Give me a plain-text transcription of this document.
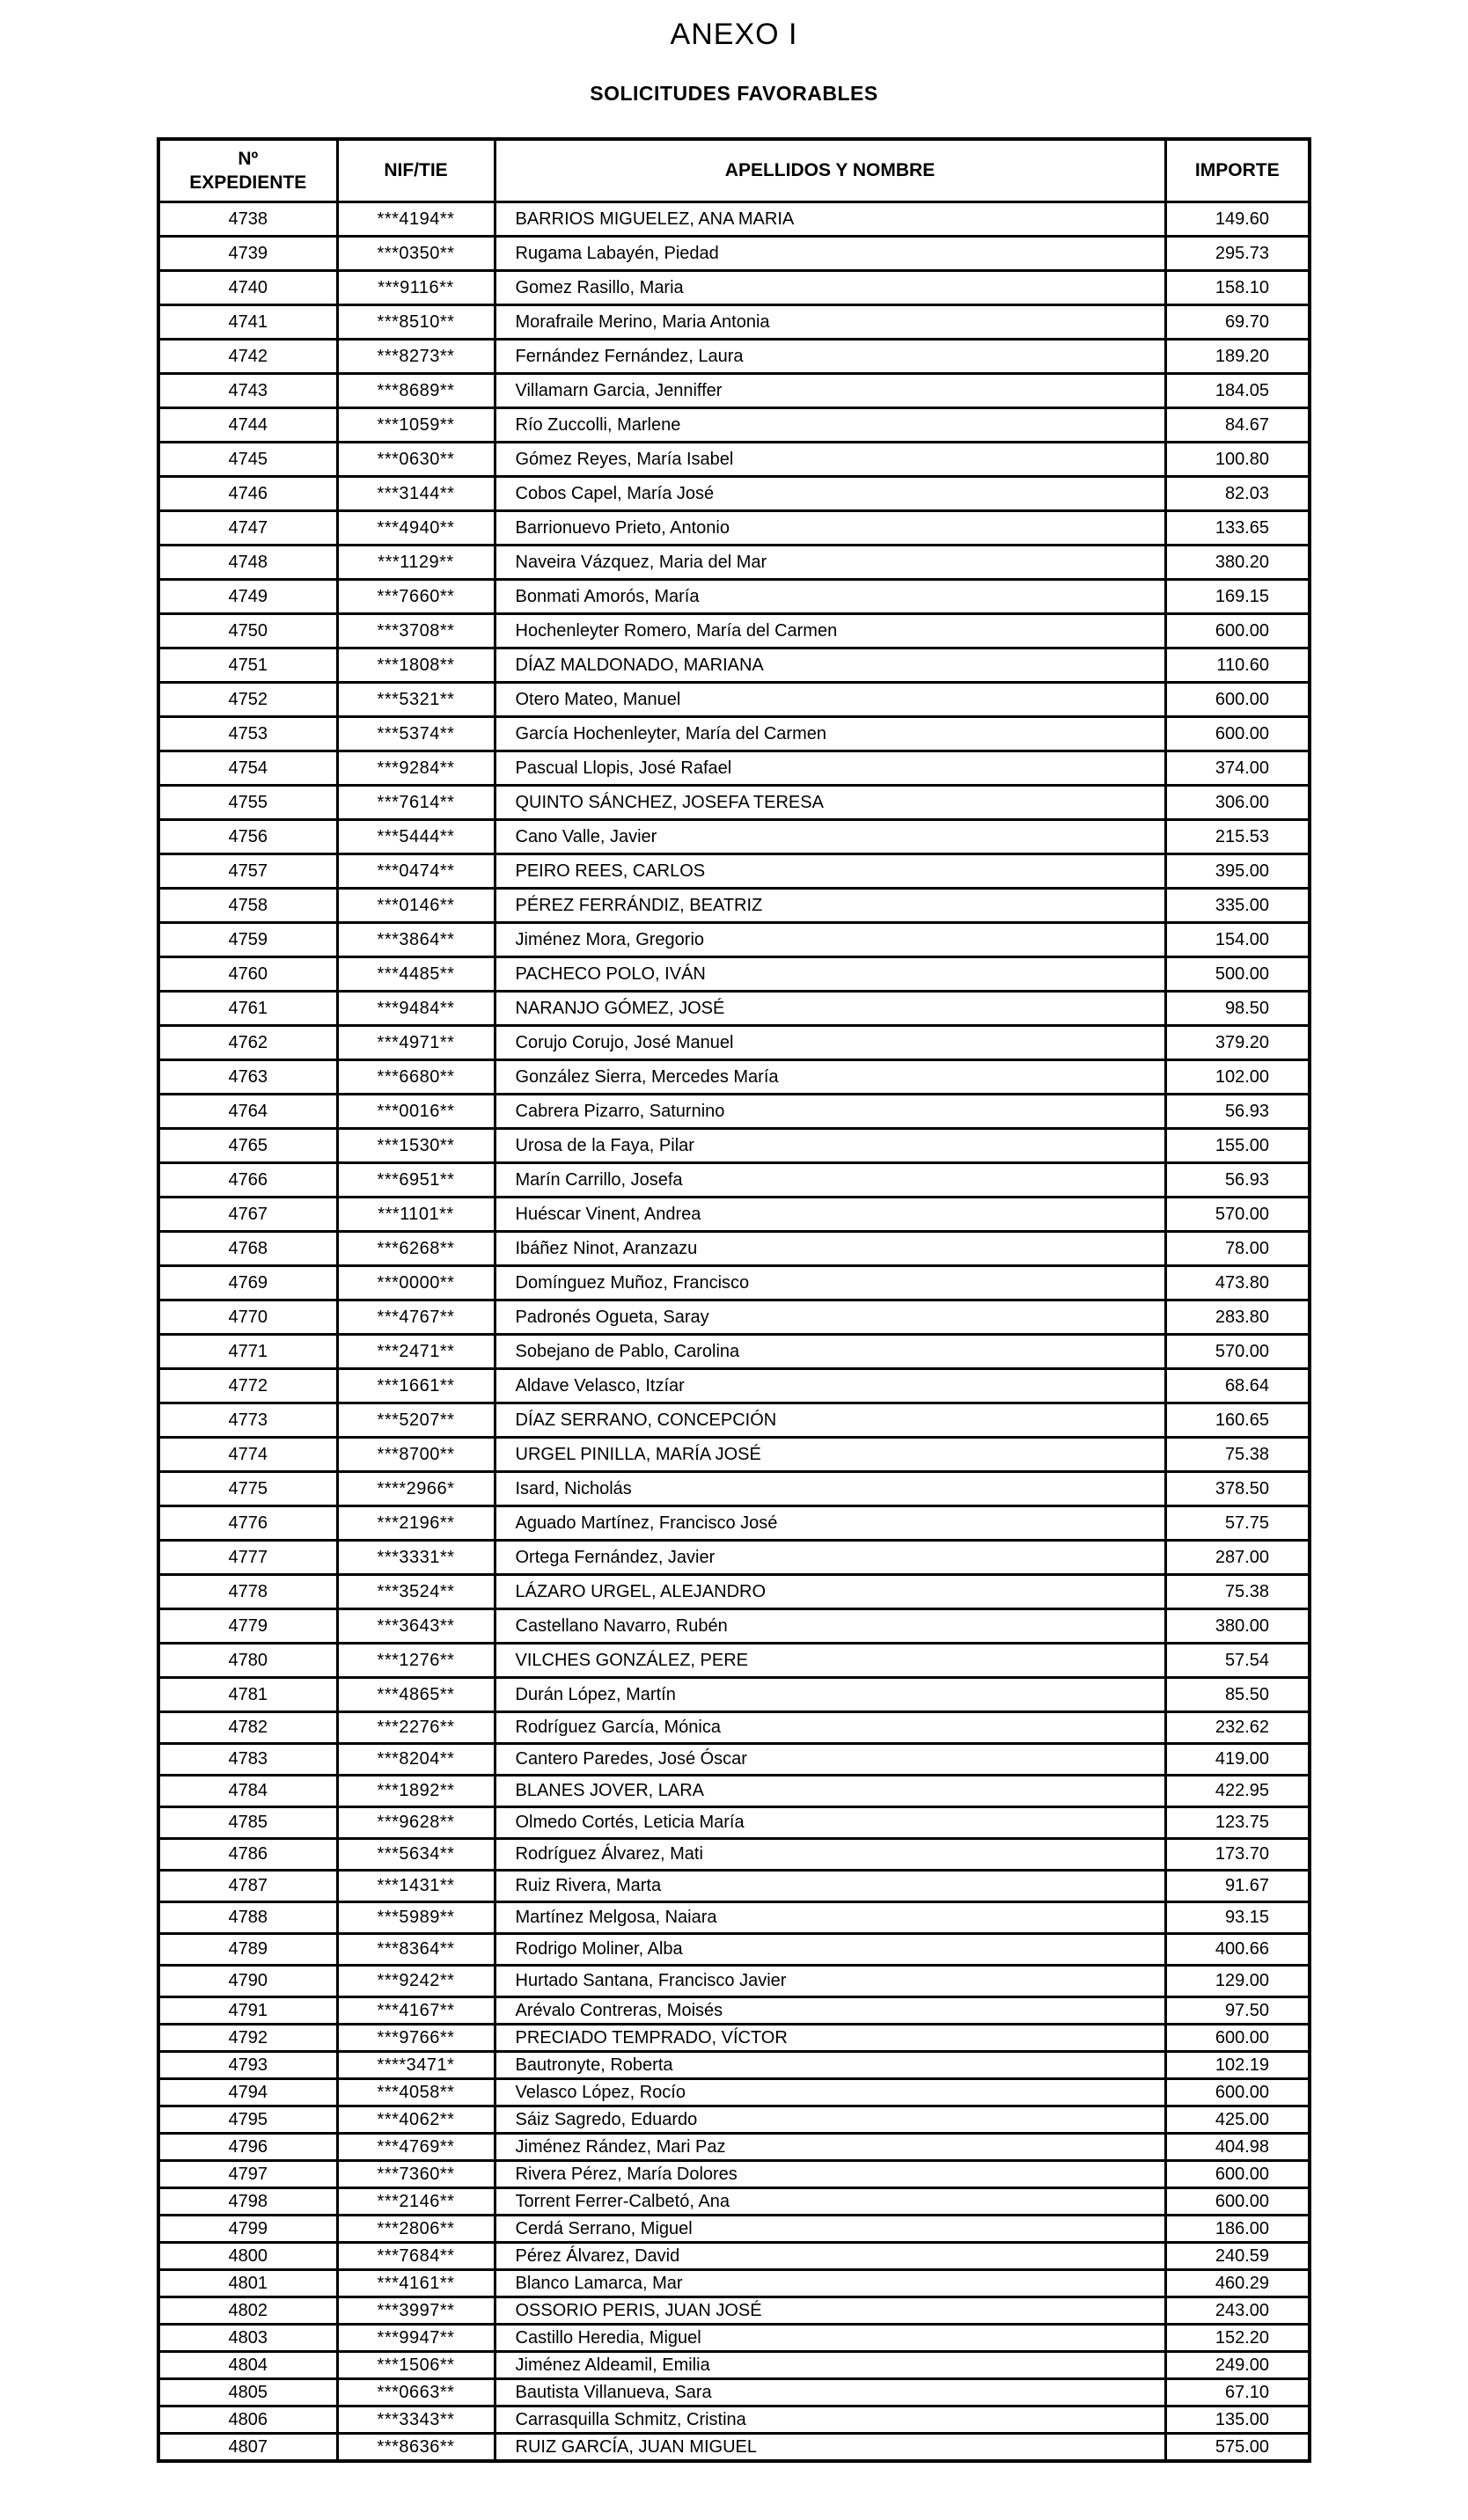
ANEXO I
SOLICITUDES FAVORABLES
Nº
EXPEDIENTE	NIF/TIE	APELLIDOS Y NOMBRE	IMPORTE
4738	***4194**	BARRIOS MIGUELEZ, ANA MARIA	149.60
4739	***0350**	Rugama Labayén, Piedad	295.73
4740	***9116**	Gomez Rasillo, Maria	158.10
4741	***8510**	Morafraile Merino, Maria Antonia	69.70
4742	***8273**	Fernández Fernández, Laura	189.20
4743	***8689**	Villamarn Garcia, Jenniffer	184.05
4744	***1059**	Río Zuccolli, Marlene	84.67
4745	***0630**	Gómez Reyes, María Isabel	100.80
4746	***3144**	Cobos Capel, María José	82.03
4747	***4940**	Barrionuevo Prieto, Antonio	133.65
4748	***1129**	Naveira Vázquez, Maria del Mar	380.20
4749	***7660**	Bonmati Amorós, María	169.15
4750	***3708**	Hochenleyter Romero, María del Carmen	600.00
4751	***1808**	DÍAZ MALDONADO, MARIANA	110.60
4752	***5321**	Otero Mateo, Manuel	600.00
4753	***5374**	García Hochenleyter, María del Carmen	600.00
4754	***9284**	Pascual Llopis, José Rafael	374.00
4755	***7614**	QUINTO SÁNCHEZ, JOSEFA TERESA	306.00
4756	***5444**	Cano Valle, Javier	215.53
4757	***0474**	PEIRO REES, CARLOS	395.00
4758	***0146**	PÉREZ FERRÁNDIZ, BEATRIZ	335.00
4759	***3864**	Jiménez Mora, Gregorio	154.00
4760	***4485**	PACHECO POLO, IVÁN	500.00
4761	***9484**	NARANJO GÓMEZ, JOSÉ	98.50
4762	***4971**	Corujo Corujo, José Manuel	379.20
4763	***6680**	González Sierra, Mercedes María	102.00
4764	***0016**	Cabrera Pizarro, Saturnino	56.93
4765	***1530**	Urosa de la Faya, Pilar	155.00
4766	***6951**	Marín Carrillo, Josefa	56.93
4767	***1101**	Huéscar Vinent, Andrea	570.00
4768	***6268**	Ibáñez Ninot, Aranzazu	78.00
4769	***0000**	Domínguez Muñoz, Francisco	473.80
4770	***4767**	Padronés Ogueta, Saray	283.80
4771	***2471**	Sobejano de Pablo, Carolina	570.00
4772	***1661**	Aldave Velasco, Itzíar	68.64
4773	***5207**	DÍAZ SERRANO, CONCEPCIÓN	160.65
4774	***8700**	URGEL PINILLA, MARÍA JOSÉ	75.38
4775	****2966*	Isard, Nicholás	378.50
4776	***2196**	Aguado Martínez, Francisco José	57.75
4777	***3331**	Ortega Fernández, Javier	287.00
4778	***3524**	LÁZARO URGEL, ALEJANDRO	75.38
4779	***3643**	Castellano Navarro, Rubén	380.00
4780	***1276**	VILCHES GONZÁLEZ, PERE	57.54
4781	***4865**	Durán López, Martín	85.50
4782	***2276**	Rodríguez García, Mónica	232.62
4783	***8204**	Cantero Paredes, José Óscar	419.00
4784	***1892**	BLANES JOVER, LARA	422.95
4785	***9628**	Olmedo Cortés, Leticia María	123.75
4786	***5634**	Rodríguez Álvarez, Mati	173.70
4787	***1431**	Ruiz Rivera, Marta	91.67
4788	***5989**	Martínez Melgosa, Naiara	93.15
4789	***8364**	Rodrigo Moliner, Alba	400.66
4790	***9242**	Hurtado Santana, Francisco Javier	129.00
4791	***4167**	Arévalo Contreras, Moisés	97.50
4792	***9766**	PRECIADO TEMPRADO, VÍCTOR	600.00
4793	****3471*	Bautronyte, Roberta	102.19
4794	***4058**	Velasco López, Rocío	600.00
4795	***4062**	Sáiz Sagredo, Eduardo	425.00
4796	***4769**	Jiménez Rández, Mari Paz	404.98
4797	***7360**	Rivera Pérez, María Dolores	600.00
4798	***2146**	Torrent Ferrer-Calbetó, Ana	600.00
4799	***2806**	Cerdá Serrano, Miguel	186.00
4800	***7684**	Pérez Álvarez, David	240.59
4801	***4161**	Blanco Lamarca, Mar	460.29
4802	***3997**	OSSORIO PERIS, JUAN JOSÉ	243.00
4803	***9947**	Castillo Heredia, Miguel	152.20
4804	***1506**	Jiménez Aldeamil, Emilia	249.00
4805	***0663**	Bautista Villanueva, Sara	67.10
4806	***3343**	Carrasquilla Schmitz, Cristina	135.00
4807	***8636**	RUIZ GARCÍA, JUAN MIGUEL	575.00
